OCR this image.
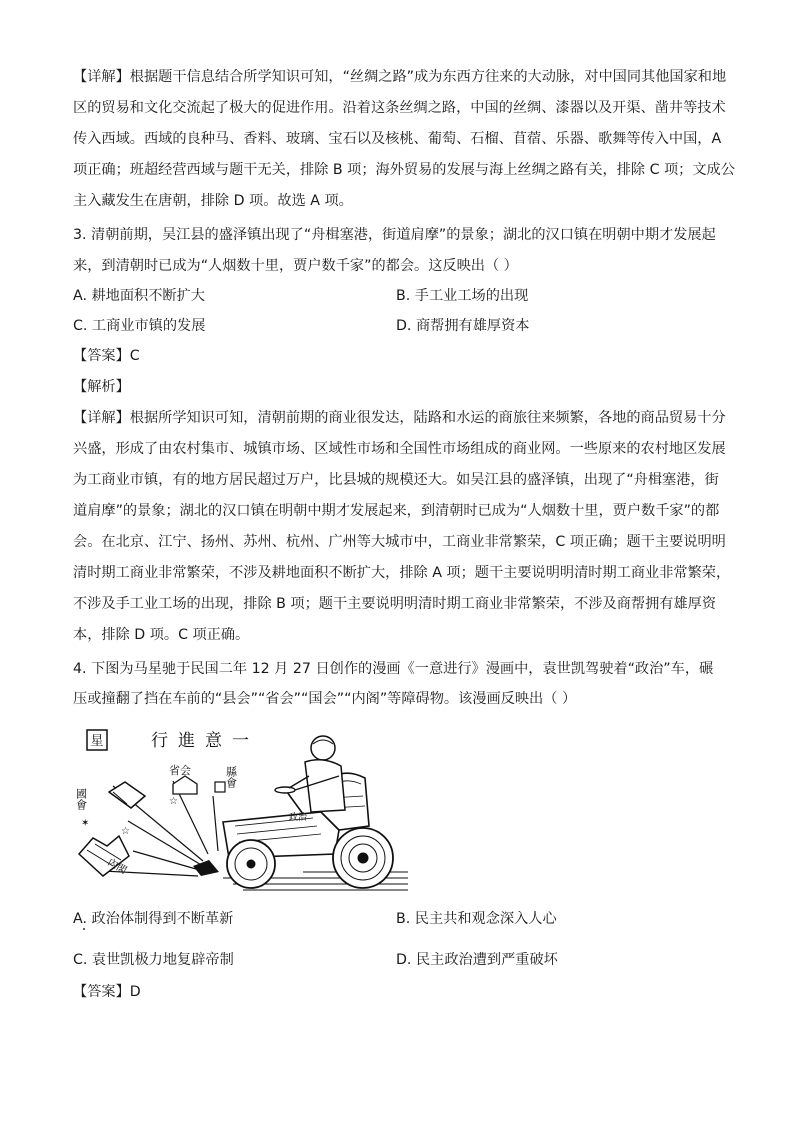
【详解】根据题干信息结合所学知识可知，“丝绸之路”成为东西方往来的大动脉，对中国同其他国家和地
区的贸易和文化交流起了极大的促进作用。沿着这条丝绸之路，中国的丝绸、漆器以及开渠、凿井等技术
传入西域。西域的良种马、香料、玻璃、宝石以及核桃、葡萄、石榴、苜蓿、乐器、歌舞等传入中国，A
项正确；班超经营西域与题干无关，排除 B 项；海外贸易的发展与海上丝绸之路有关，排除 C 项；文成公
主入藏发生在唐朝，排除 D 项。故选 A 项。
3. 清朝前期，吴江县的盛泽镇出现了“舟楫塞港，街道肩摩”的景象；湖北的汉口镇在明朝中期才发展起
来，到清朝时已成为“人烟数十里，贾户数千家”的都会。这反映出（ ）
A. 耕地面积不断扩大	B. 手工业工场的出现
C. 工商业市镇的发展	D. 商帮拥有雄厚资本
【答案】C
【解析】
【详解】根据所学知识可知，清朝前期的商业很发达，陆路和水运的商旅往来频繁，各地的商品贸易十分
兴盛，形成了由农村集市、城镇市场、区域性市场和全国性市场组成的商业网。一些原来的农村地区发展
为工商业市镇，有的地方居民超过万户，比县城的规模还大。如吴江县的盛泽镇，出现了“舟楫塞港，街
道肩摩”的景象；湖北的汉口镇在明朝中期才发展起来，到清朝时已成为“人烟数十里，贾户数千家”的都
会。在北京、江宁、扬州、苏州、杭州、广州等大城市中，工商业非常繁荣，C 项正确；题干主要说明明
清时期工商业非常繁荣，不涉及耕地面积不断扩大，排除 A 项；题干主要说明明清时期工商业非常繁荣，
不涉及手工业工场的出现，排除 B 项；题干主要说明明清时期工商业非常繁荣，不涉及商帮拥有雄厚资
本，排除 D 项。C 项正确。
4. 下图为马星驰于民国二年 12 月 27 日创作的漫画《一意进行》漫画中，袁世凯驾驶着“政治”车，碾
压或撞翻了挡在车前的“县会”“省会”“国会”“内阁”等障碍物。该漫画反映出（ ）
星	行進意一
☆
☆
✶
國會
省会	縣會
內閣
政治
A. 政治体制得到不断革新	B. 民主共和观念深入人心
C. 袁世凯极力地复辟帝制	D. 民主政治遭到严重破坏
【答案】D
